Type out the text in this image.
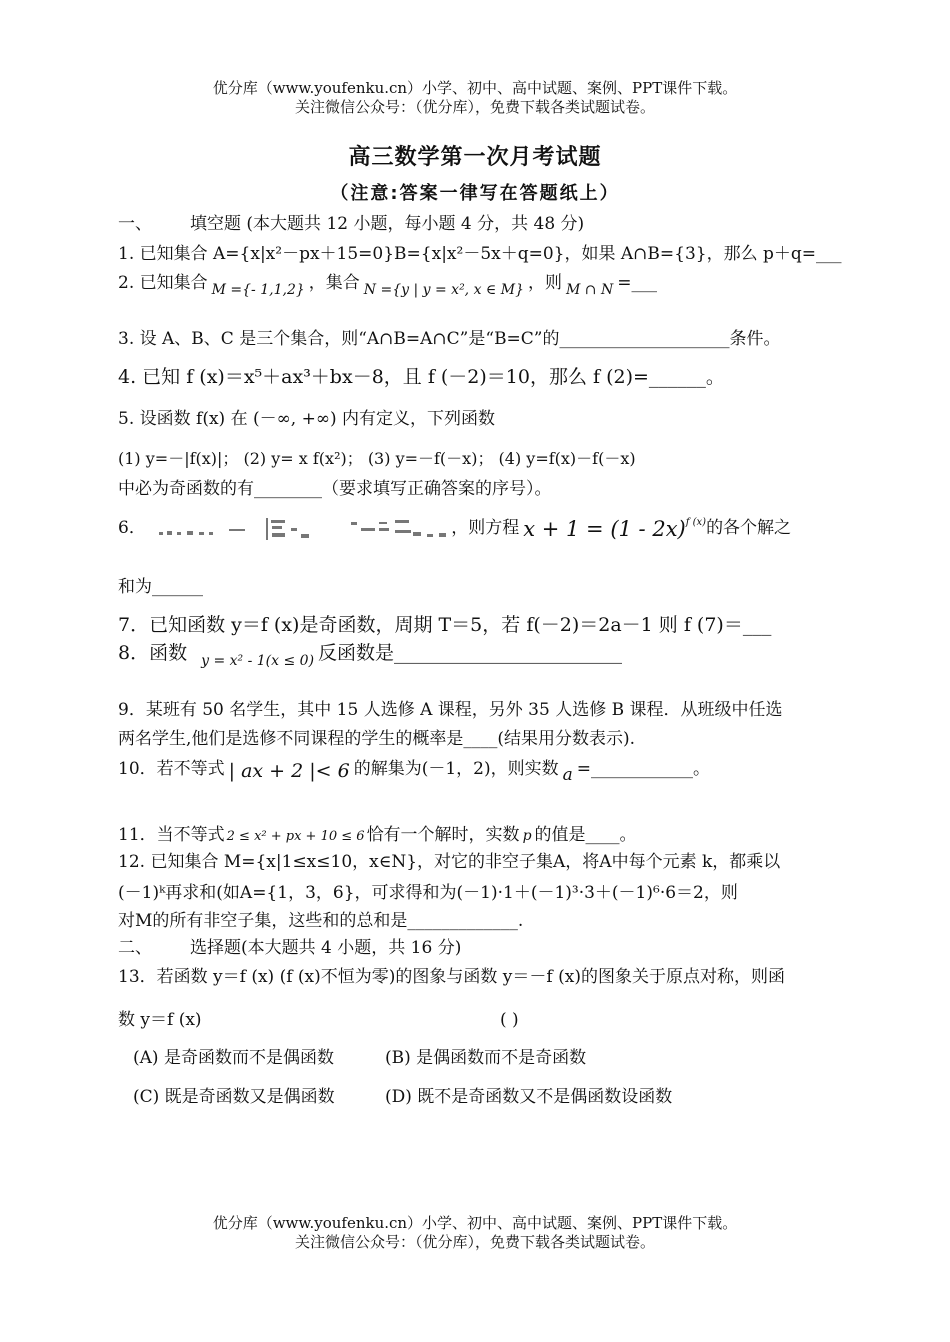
优分库（www.youfenku.cn）小学、初中、高中试题、案例、PPT课件下载。
关注微信公众号：（优分库），免费下载各类试题试卷。
高三数学第一次月考试题
（注意:答案一律写在答题纸上）
一、 填空题 (本大题共 12 小题，每小题 4 分，共 48 分)
1. 已知集合 A={x|x²－px＋15=0}B={x|x²－5x＋q=0}，如果 A∩B={3}，那么 p＋q=___
2. 已知集合 $_{M =\{- 1,1,2\}}$ ，集合 $_{N =\{y | y = x^2, x \in M\}}$ ，则 $_{M \cap N}$ =___
3. 设 A、B、C 是三个集合，则“A∩B=A∩C”是“B=C”的____________________条件。
4. 已知 f (x)＝x⁵＋ax³＋bx－8，且 f (－2)＝10，那么 f (2)=______。
5. 设函数 f(x) 在 (－∞, +∞) 内有定义，下列函数
(1) y=－|f(x)|； (2) y= x f(x²)； (3) y=－f(－x)； (4) y=f(x)－f(－x)
中必为奇函数的有________（要求填写正确答案的序号）。
6．	，则方程 x + 1 = (1 - 2x)$^{f (x)}$的各个解之
和为______
7．已知函数 y＝f (x)是奇函数，周期 T＝5，若 f(－2)＝2a－1 则 f (7)＝___
8．函数 $_{y = x^2 - 1(x \le 0)}$ 反函数是________________________
9．某班有 50 名学生，其中 15 人选修 A 课程，另外 35 人选修 B 课程．从班级中任选
两名学生,他们是选修不同课程的学生的概率是____(结果用分数表示).
10．若不等式 | ax + 2 |< 6 的解集为(－1，2)，则实数 a =____________。
11．当不等式 2 ≤ x² + px + 10 ≤ 6 恰有一个解时，实数 p 的值是____。
12. 已知集合 M={x|1≤x≤10，x∈N}，对它的非空子集A，将A中每个元素 k，都乘以
(－1)ᵏ再求和(如A={1，3，6}，可求得和为(－1)·1＋(－1)³·3＋(－1)⁶·6＝2，则
对M的所有非空子集，这些和的总和是_____________.
二、 选择题(本大题共 4 小题，共 16 分)
13．若函数 y＝f (x) (f (x)不恒为零)的图象与函数 y＝－f (x)的图象关于原点对称，则函
数 y＝f (x)	( )
(A) 是奇函数而不是偶函数	(B) 是偶函数而不是奇函数
(C) 既是奇函数又是偶函数	(D) 既不是奇函数又不是偶函数设函数
优分库（www.youfenku.cn）小学、初中、高中试题、案例、PPT课件下载。
关注微信公众号：（优分库），免费下载各类试题试卷。
